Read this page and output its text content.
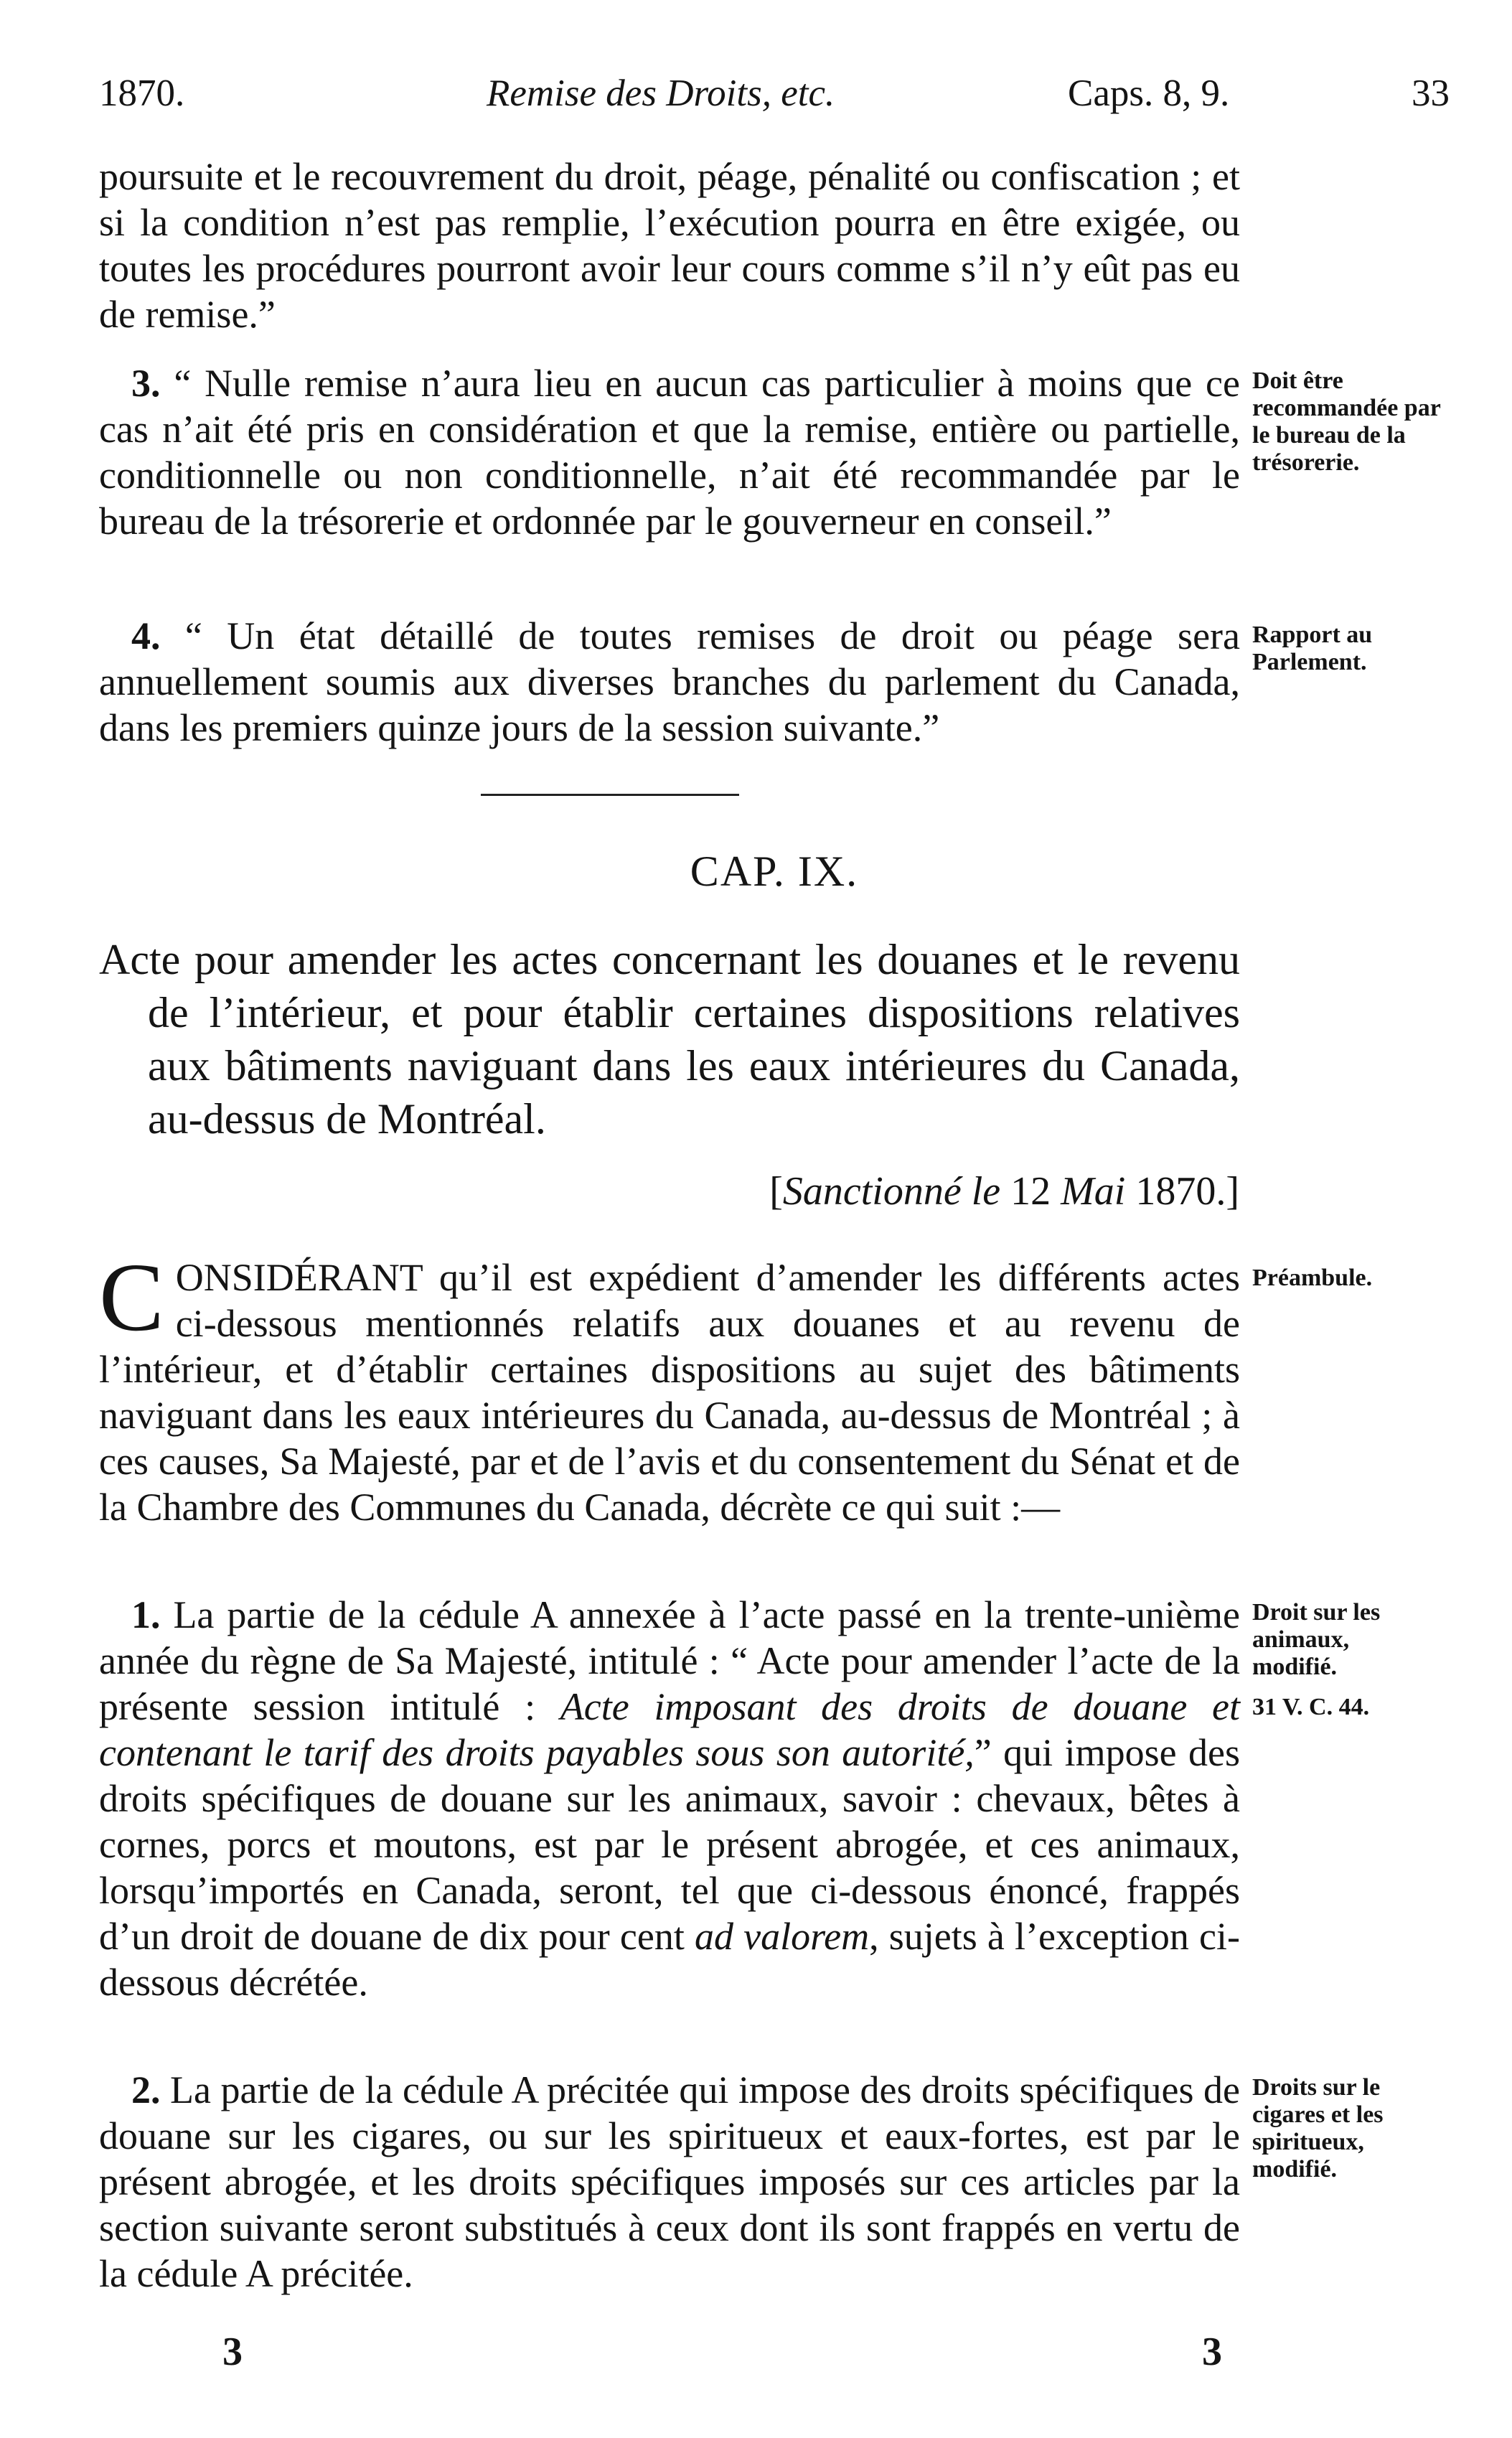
1870.	Remise des Droits, etc.	Caps. 8, 9.	33

poursuite et le recouvrement du droit, péage, pénalité ou confiscation ; et si la condition n’est pas remplie, l’exécution pourra en être exigée, ou toutes les procédures pourront avoir leur cours comme s’il n’y eût pas eu de remise.”

3. “ Nulle remise n’aura lieu en aucun cas particulier à moins que ce cas n’ait été pris en considération et que la remise, entière ou partielle, conditionnelle ou non conditionnelle, n’ait été recommandée par le bureau de la trésorerie et ordonnée par le gouverneur en conseil.”

Doit être recommandée par le bureau de la trésorerie.

4. “ Un état détaillé de toutes remises de droit ou péage sera annuellement soumis aux diverses branches du parlement du Canada, dans les premiers quinze jours de la session suivante.”

Rapport au Parlement.
CAP. IX.

Acte pour amender les actes concernant les douanes et le revenu de l’intérieur, et pour établir certaines dispositions relatives aux bâtiments naviguant dans les eaux intérieures du Canada, au-dessus de Montréal.

[Sanctionné le 12 Mai 1870.]

CONSIDÉRANT qu’il est expédient d’amender les différents actes ci-dessous mentionnés relatifs aux douanes et au revenu de l’intérieur, et d’établir certaines dispositions au sujet des bâtiments naviguant dans les eaux intérieures du Canada, au-dessus de Montréal ; à ces causes, Sa Majesté, par et de l’avis et du consentement du Sénat et de la Chambre des Communes du Canada, décrète ce qui suit :—

Préambule.

1. La partie de la cédule A annexée à l’acte passé en la trente-unième année du règne de Sa Majesté, intitulé : “ Acte pour amender l’acte de la présente session intitulé : Acte imposant des droits de douane et contenant le tarif des droits payables sous son autorité,” qui impose des droits spécifiques de douane sur les animaux, savoir : chevaux, bêtes à cornes, porcs et moutons, est par le présent abrogée, et ces animaux, lorsqu’importés en Canada, seront, tel que ci-dessous énoncé, frappés d’un droit de douane de dix pour cent ad valorem, sujets à l’exception ci-dessous décrétée.

Droit sur les animaux, modifié.
31 V. C. 44.

2. La partie de la cédule A précitée qui impose des droits spécifiques de douane sur les cigares, ou sur les spiritueux et eaux-fortes, est par le présent abrogée, et les droits spécifiques imposés sur ces articles par la section suivante seront substitués à ceux dont ils sont frappés en vertu de la cédule A précitée.

Droits sur le cigares et les spiritueux, modifié.
3	3
